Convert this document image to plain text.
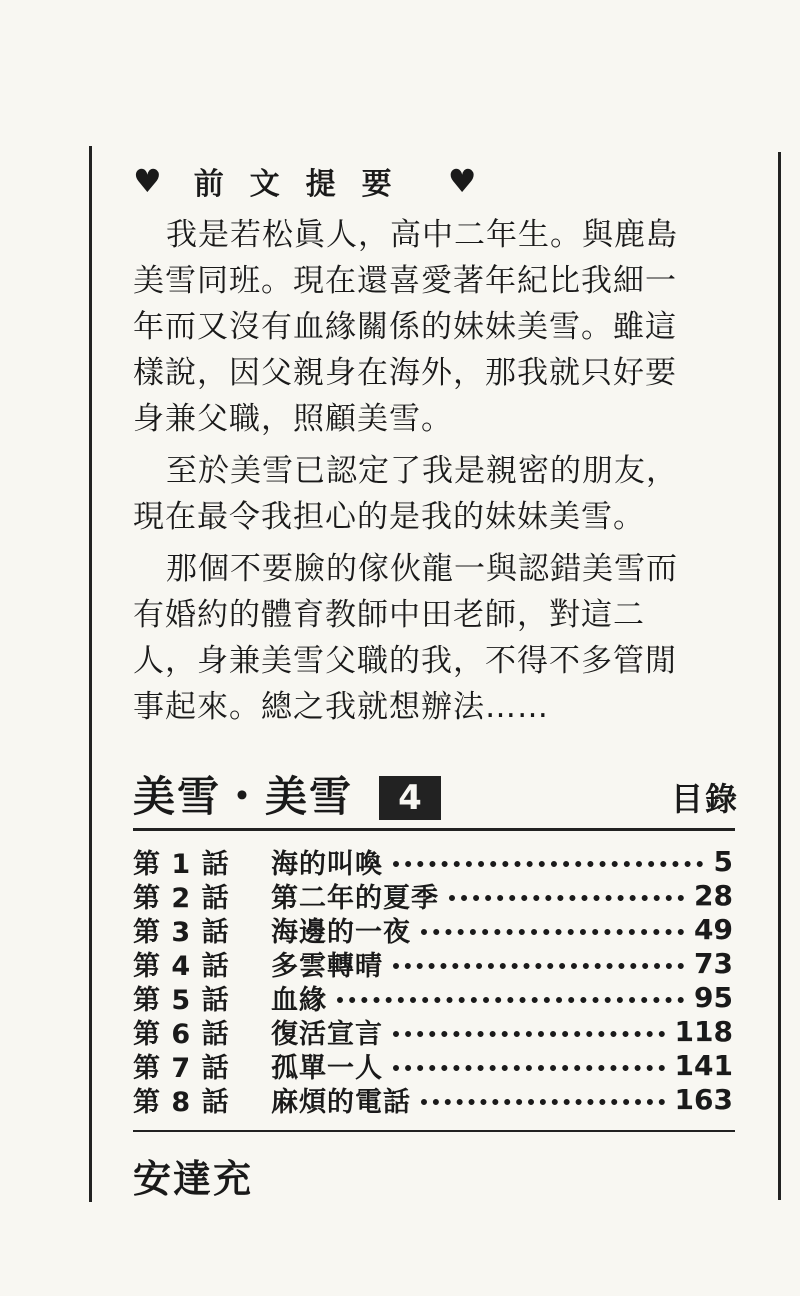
♥ 前文提要 ♥

我是若松眞人，高中二年生。與鹿島美雪同班。現在還喜愛著年紀比我細一年而又沒有血緣關係的妹妹美雪。雖這樣說，因父親身在海外，那我就只好要身兼父職，照顧美雪。

至於美雪已認定了我是親密的朋友，現在最令我担心的是我的妹妹美雪。

那個不要臉的傢伙龍一與認錯美雪而有婚約的體育教師中田老師，對這二人，身兼美雪父職的我，不得不多管閒事起來。總之我就想辦法……

美雪・美雪	4	目錄
第 1 話	海的叫喚	5
第 2 話	第二年的夏季	28
第 3 話	海邊的一夜	49
第 4 話	多雲轉晴	73
第 5 話	血緣	95
第 6 話	復活宣言	118
第 7 話	孤單一人	141
第 8 話	麻煩的電話	163
安達充
